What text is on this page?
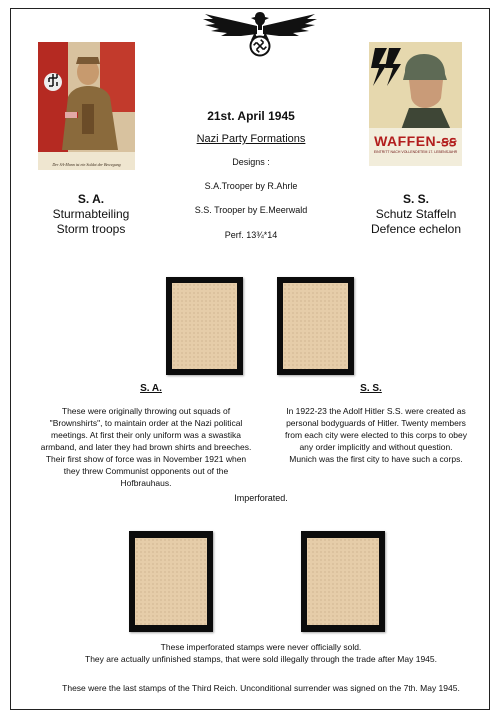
Der SA-Mann ist ein Soldat der Bewegung
WAFFEN-ꞩꞩ
EINTRITT NACH VOLLENDETEM 17. LEBENSJAHR
21st. April 1945
Nazi Party Formations
Designs :
S.A.Trooper by R.Ahrle
S.S. Trooper by E.Meerwald
Perf. 13¾*14
S. A.
Sturmabteiling
Storm troops
S. S.
Schutz Staffeln
Defence echelon
S. A.	S. S.
These were originally throwing out squads of
"Brownshirts", to maintain order at the Nazi political
meetings. At first their only uniform was a swastika
armband, and later they had brown shirts and breeches.
Their first show of force was in November 1921 when
they threw Communist opponents out of the
Hofbrauhaus.
In 1922-23 the Adolf Hitler S.S. were created as
personal bodyguards of Hitler. Twenty members
from each city were elected to this corps to obey
any order implicitly and without question.
Munich was the first city to have such a corps.
Imperforated.
These imperforated stamps were never officially sold.
They are actually unfinished stamps, that were sold illegally through the trade after May 1945.
These were the last stamps of the Third Reich. Unconditional surrender was signed on the 7th. May 1945.
